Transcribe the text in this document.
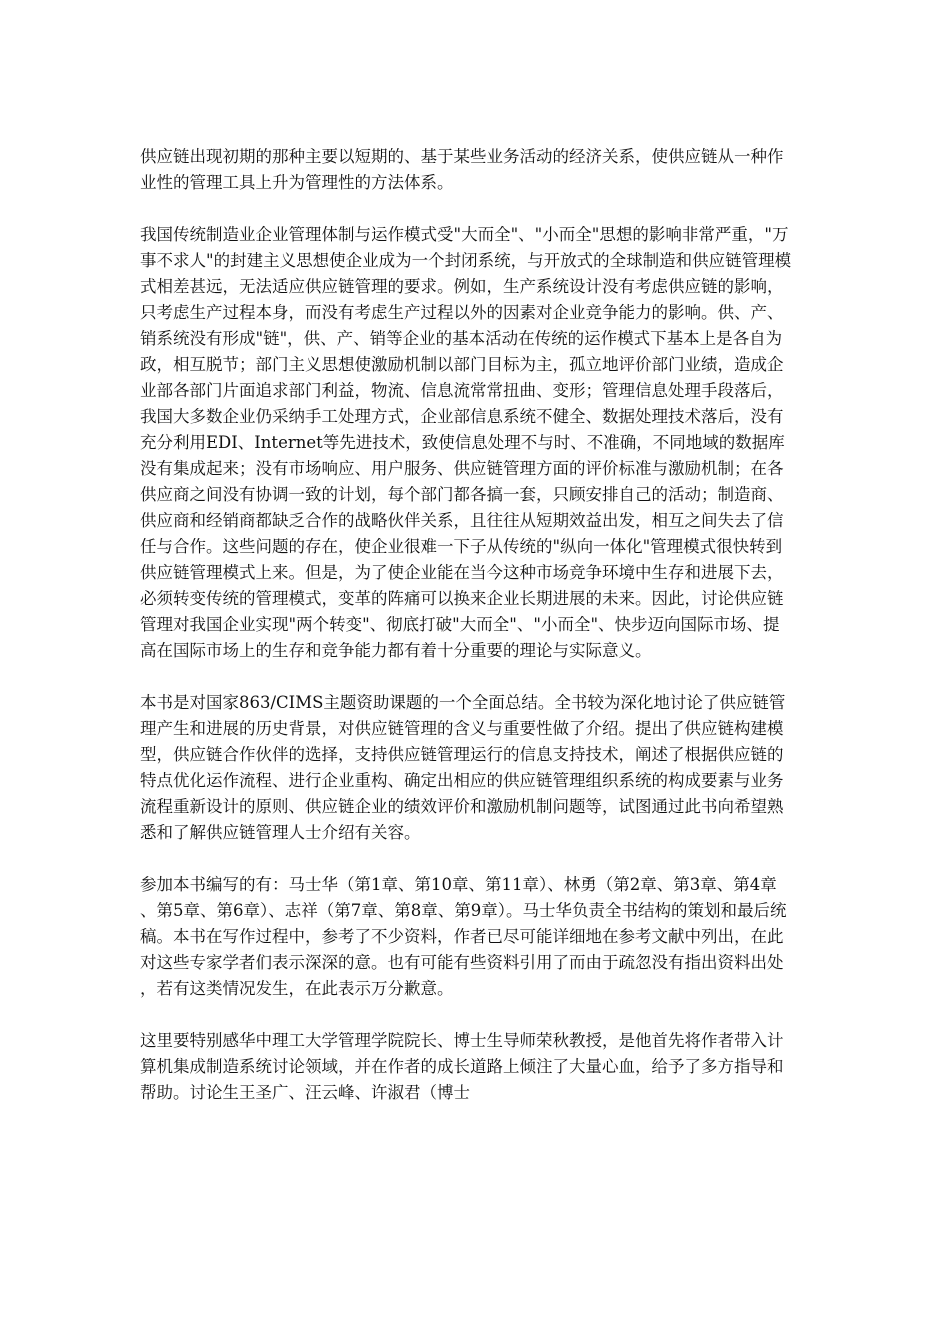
供应链出现初期的那种主要以短期的、基于某些业务活动的经济关系，使供应链从一种作业性的管理工具上升为管理性的方法体系。

我国传统制造业企业管理体制与运作模式受"大而全"、"小而全"思想的影响非常严重，"万事不求人"的封建主义思想使企业成为一个封闭系统，与开放式的全球制造和供应链管理模式相差甚远，无法适应供应链管理的要求。例如，生产系统设计没有考虑供应链的影响，只考虑生产过程本身，而没有考虑生产过程以外的因素对企业竞争能力的影响。供、产、销系统没有形成"链"，供、产、销等企业的基本活动在传统的运作模式下基本上是各自为政，相互脱节；部门主义思想使激励机制以部门目标为主，孤立地评价部门业绩，造成企业部各部门片面追求部门利益，物流、信息流常常扭曲、变形；管理信息处理手段落后，我国大多数企业仍采纳手工处理方式，企业部信息系统不健全、数据处理技术落后，没有充分利用EDI、Internet等先进技术，致使信息处理不与时、不准确，不同地域的数据库没有集成起来；没有市场响应、用户服务、供应链管理方面的评价标准与激励机制；在各供应商之间没有协调一致的计划，每个部门都各搞一套，只顾安排自己的活动；制造商、供应商和经销商都缺乏合作的战略伙伴关系，且往往从短期效益出发，相互之间失去了信任与合作。这些问题的存在，使企业很难一下子从传统的"纵向一体化"管理模式很快转到供应链管理模式上来。但是，为了使企业能在当今这种市场竞争环境中生存和进展下去，必须转变传统的管理模式，变革的阵痛可以换来企业长期进展的未来。因此，讨论供应链管理对我国企业实现"两个转变"、彻底打破"大而全"、"小而全"、快步迈向国际市场、提高在国际市场上的生存和竞争能力都有着十分重要的理论与实际意义。

本书是对国家863/CIMS主题资助课题的一个全面总结。全书较为深化地讨论了供应链管理产生和进展的历史背景，对供应链管理的含义与重要性做了介绍。提出了供应链构建模型，供应链合作伙伴的选择，支持供应链管理运行的信息支持技术，阐述了根据供应链的特点优化运作流程、进行企业重构、确定出相应的供应链管理组织系统的构成要素与业务流程重新设计的原则、供应链企业的绩效评价和激励机制问题等，试图通过此书向希望熟悉和了解供应链管理人士介绍有关容。

参加本书编写的有：马士华（第1章、第10章、第11章）、林勇（第2章、第3章、第4章、第5章、第6章）、志祥（第7章、第8章、第9章）。马士华负责全书结构的策划和最后统稿。本书在写作过程中，参考了不少资料，作者已尽可能详细地在参考文献中列出，在此对这些专家学者们表示深深的意。也有可能有些资料引用了而由于疏忽没有指出资料出处，若有这类情况发生，在此表示万分歉意。

这里要特别感华中理工大学管理学院院长、博士生导师荣秋教授，是他首先将作者带入计算机集成制造系统讨论领域，并在作者的成长道路上倾注了大量心血，给予了多方指导和帮助。讨论生王圣广、汪云峰、许淑君（博士
